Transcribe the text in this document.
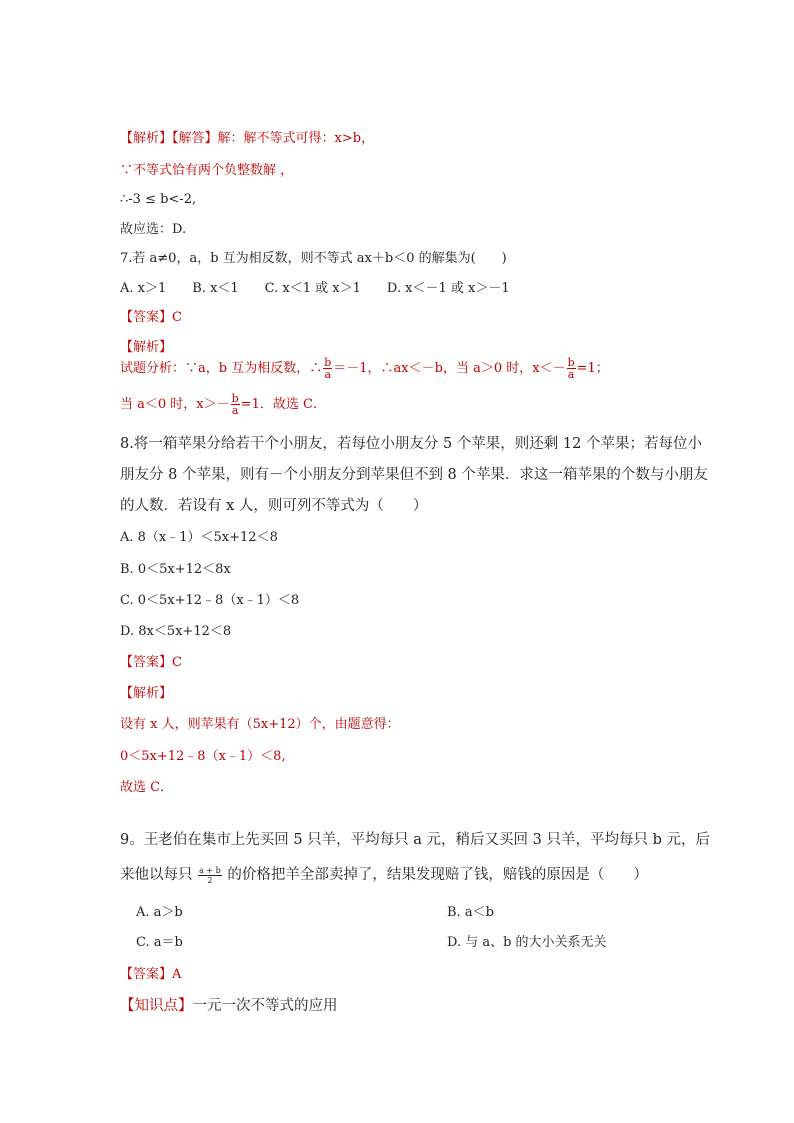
【解析】【解答】解：解不等式可得：x>b，
∵不等式恰有两个负整数解 ，
∴-3 ≤ b<-2,
故应选：D.
7.若 a≠0，a，b 互为相反数，则不等式 ax＋b＜0 的解集为(　　)
A. x＞1　　B. x＜1　　C. x＜1 或 x＞1　　D. x＜－1 或 x＞－1
【答案】C
【解析】
试题分析：∵a，b 互为相反数，∴ $\frac{b}{a} =-1$，∴ax＜－b，当 a＞0 时，$x<- \frac{b}{a} =1$；
当 a＜0 时，$x>- \frac{b}{a} =1$．故选 C．
8.将一箱苹果分给若干个小朋友，若每位小朋友分 5 个苹果，则还剩 12 个苹果；若每位小
朋友分 8 个苹果，则有－个小朋友分到苹果但不到 8 个苹果．求这一箱苹果的个数与小朋友
的人数．若设有 x 人，则可列不等式为（　　）
A. 8（x﹣1）＜5x+12＜8
B. 0＜5x+12＜8x
C. 0＜5x+12﹣8（x﹣1）＜8
D. 8x＜5x+12＜8
【答案】C
【解析】
设有 x 人，则苹果有（5x+12）个，由题意得：
0＜5x+12﹣8（x﹣1）＜8,
故选 C．
9。王老伯在集市上先买回 5 只羊，平均每只 a 元，稍后又买回 3 只羊，平均每只 b 元，后
来他以每只 $\frac{a + b}{2}$ 的价格把羊全部卖掉了，结果发现赔了钱，赔钱的原因是（　　）
A. a＞b	B. a＜b
C. a＝b	D. 与 a、b 的大小关系无关
【答案】A
【知识点】一元一次不等式的应用
